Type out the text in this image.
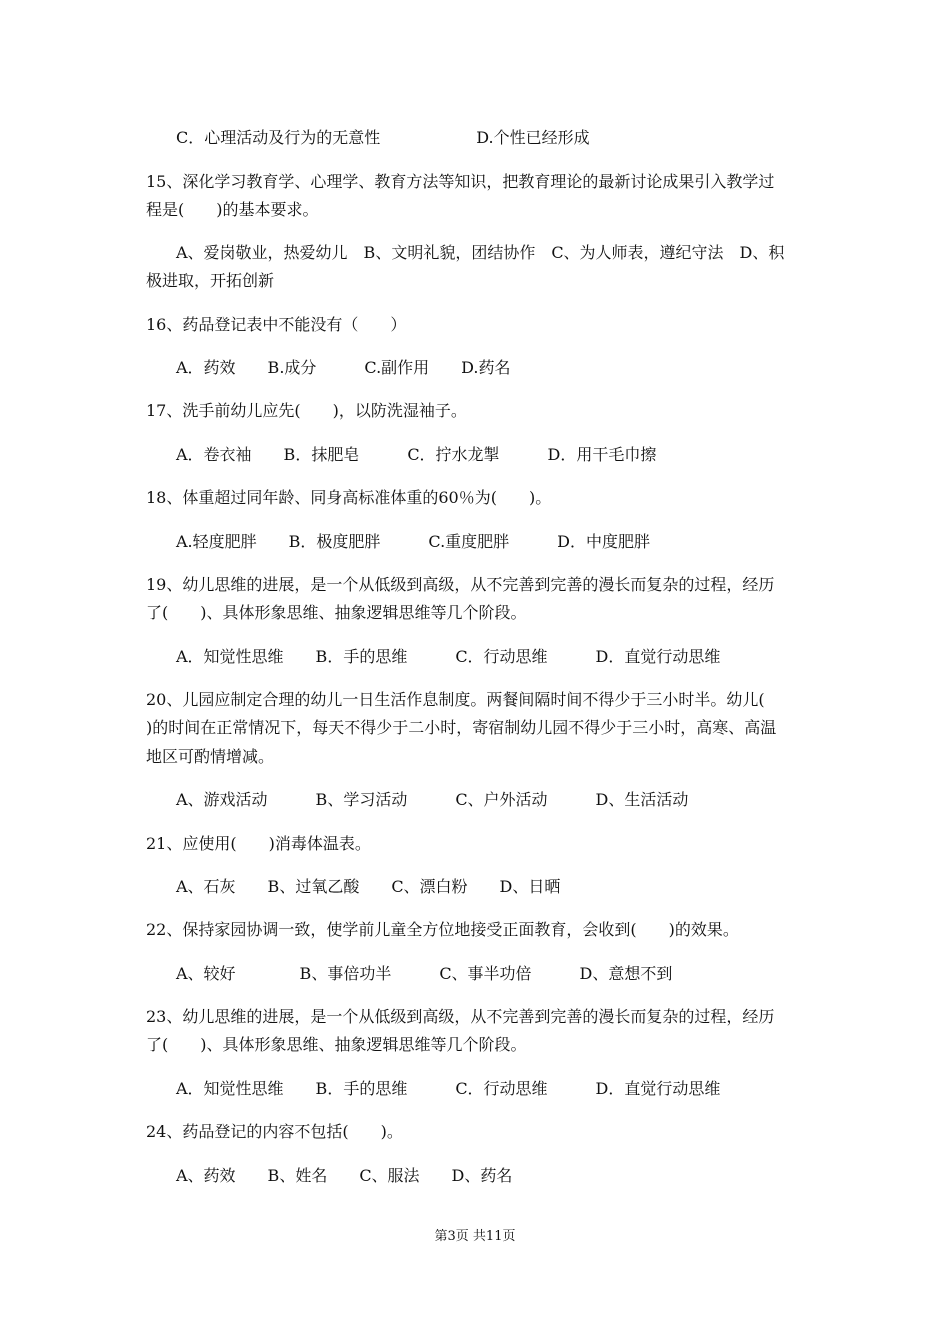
C．心理活动及行为的无意性　　　　　　D.个性已经形成
15、深化学习教育学、心理学、教育方法等知识，把教育理论的最新讨论成果引入教学过
程是(　　)的基本要求。
A、爱岗敬业，热爱幼儿　B、文明礼貌，团结协作　C、为人师表，遵纪守法　D、积
极进取，开拓创新
16、药品登记表中不能没有（　　）
A．药效　　B.成分　　　C.副作用　　D.药名
17、洗手前幼儿应先(　　)，以防洗湿袖子。
A．卷衣袖　　B．抹肥皂　　　C．拧水龙掣　　　D．用干毛巾擦
18、体重超过同年龄、同身高标准体重的60％为(　　)。
A.轻度肥胖　　B．极度肥胖　　　C.重度肥胖　　　D．中度肥胖
19、幼儿思维的进展，是一个从低级到高级，从不完善到完善的漫长而复杂的过程，经历
了(　　)、具体形象思维、抽象逻辑思维等几个阶段。
A．知觉性思维　　B．手的思维　　　C．行动思维　　　D．直觉行动思维
20、儿园应制定合理的幼儿一日生活作息制度。两餐间隔时间不得少于三小时半。幼儿(
)的时间在正常情况下，每天不得少于二小时，寄宿制幼儿园不得少于三小时，高寒、高温
地区可酌情增减。
A、游戏活动　　　B、学习活动　　　C、户外活动　　　D、生活活动
21、应使用(　　)消毒体温表。
A、石灰　　B、过氧乙酸　　C、漂白粉　　D、日晒
22、保持家园协调一致，使学前儿童全方位地接受正面教育，会收到(　　)的效果。
A、较好　　　　B、事倍功半　　　C、事半功倍　　　D、意想不到
23、幼儿思维的进展，是一个从低级到高级，从不完善到完善的漫长而复杂的过程，经历
了(　　)、具体形象思维、抽象逻辑思维等几个阶段。
A．知觉性思维　　B．手的思维　　　C．行动思维　　　D．直觉行动思维
24、药品登记的内容不包括(　　)。
A、药效　　B、姓名　　C、服法　　D、药名
第3页 共11页
